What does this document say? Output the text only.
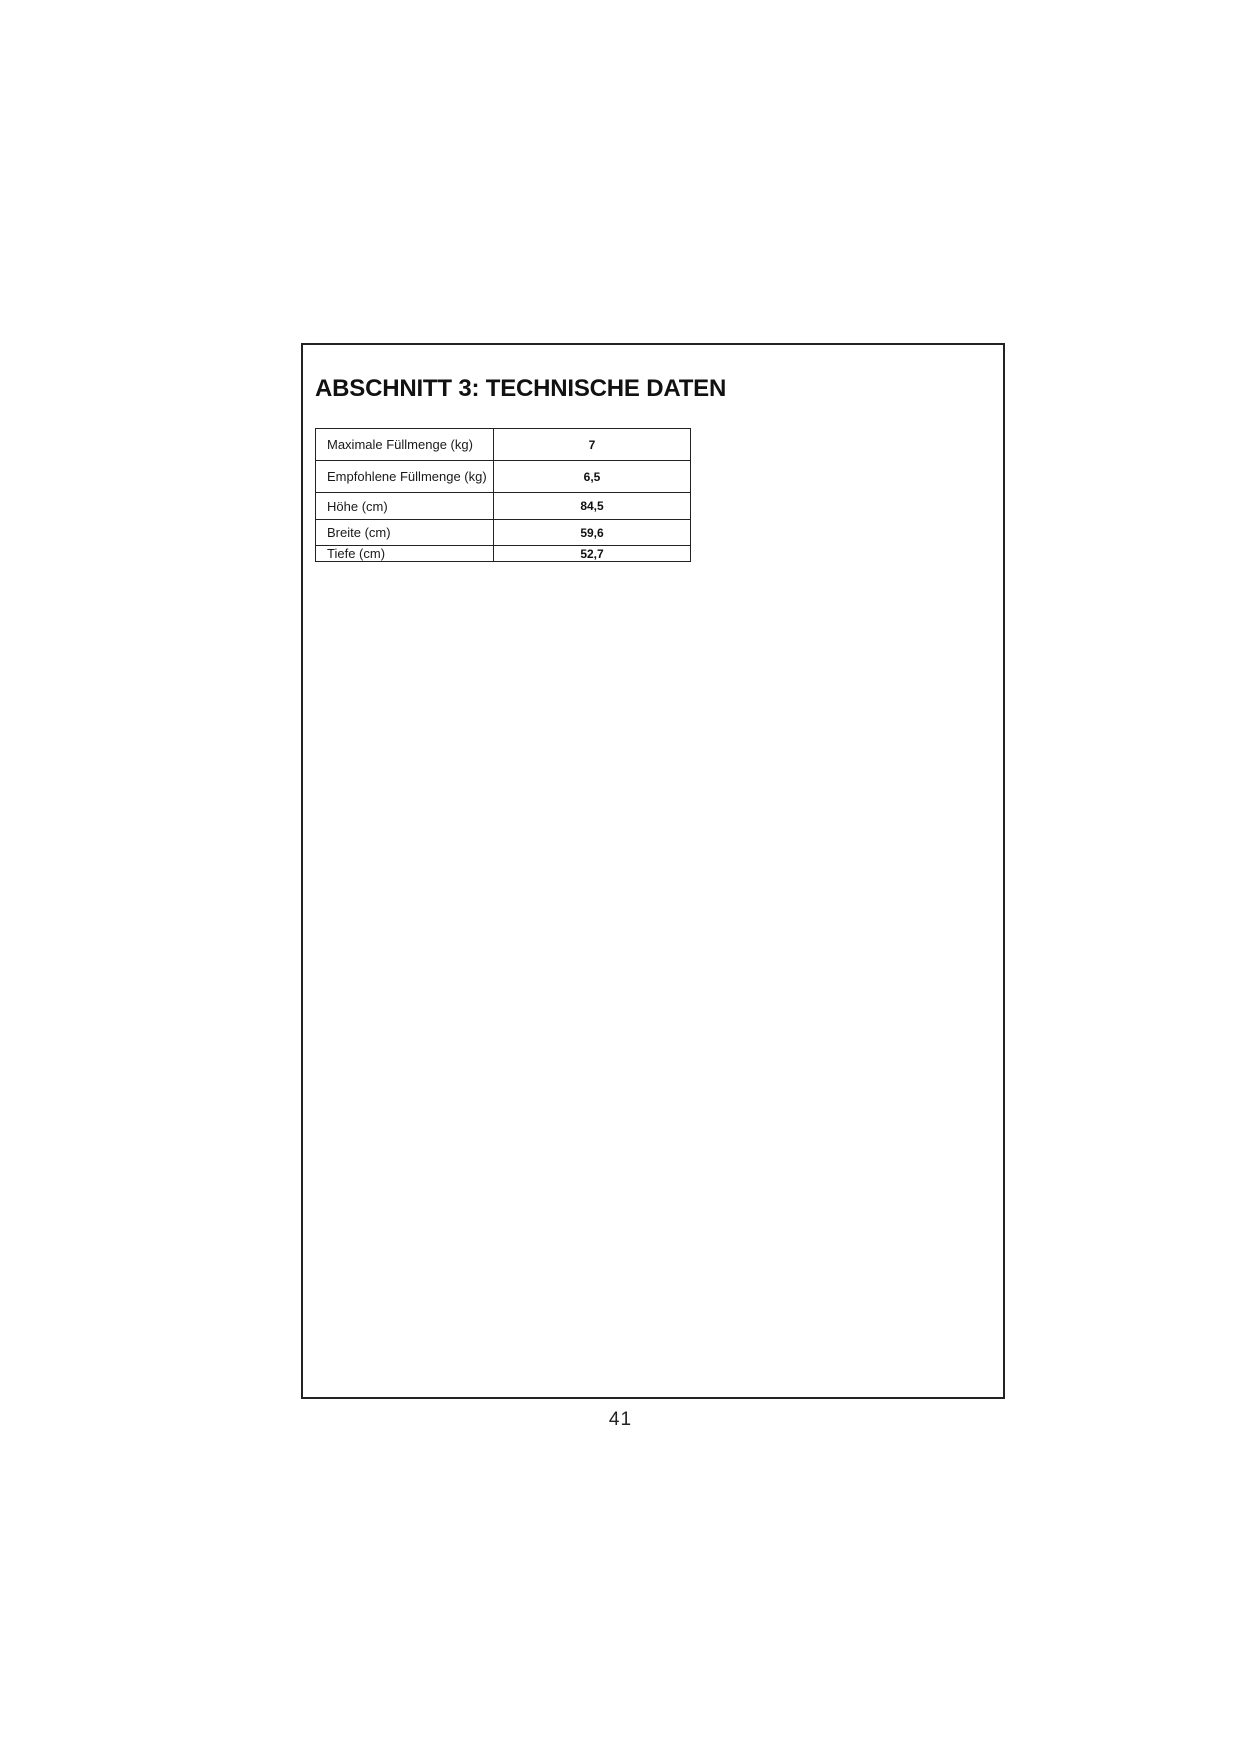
ABSCHNITT 3: TECHNISCHE DATEN
Maximale Füllmenge (kg)	7
Empfohlene Füllmenge (kg)	6,5
Höhe (cm)	84,5
Breite (cm)	59,6
Tiefe (cm)	52,7
41
